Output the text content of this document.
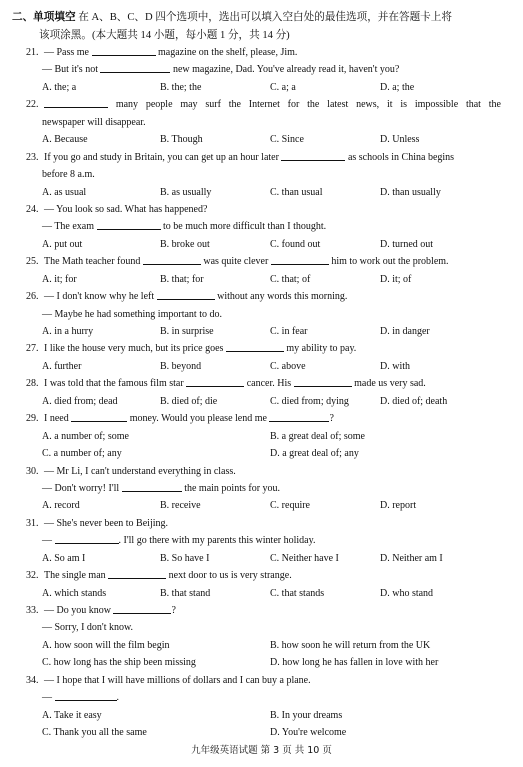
二、单项填空 在 A、B、C、D 四个选项中，选出可以填入空白处的最佳选项，并在答题卡上将
该项涂黑。(本大题共 14 小题，每小题 1 分，共 14 分)
21. — Pass me	magazine on the shelf, please, Jim.
— But it's not	new magazine, Dad. You've already read it, haven't you?
A. the; a	B. the; the	C. a; a	D. a; the
22.	many people may surf the Internet for the latest news, it is impossible that the
newspaper will disappear.
A. Because	B. Though	C. Since	D. Unless
23. If you go and study in Britain, you can get up an hour later	as schools in China begins
before 8 a.m.
A. as usual	B. as usually	C. than usual	D. than usually
24. — You look so sad. What has happened?
— The exam	to be much more difficult than I thought.
A. put out	B. broke out	C. found out	D. turned out
25. The Math teacher found	was quite clever	him to work out the problem.
A. it; for	B. that; for	C. that; of	D. it; of
26. — I don't know why he left	without any words this morning.
— Maybe he had something important to do.
A. in a hurry	B. in surprise	C. in fear	D. in danger
27. I like the house very much, but its price goes	my ability to pay.
A. further	B. beyond	C. above	D. with
28. I was told that the famous film star	cancer. His	made us very sad.
A. died from; dead	B. died of; die	C. died from; dying	D. died of; death
29. I need	money. Would you please lend me	?
A. a number of; some	B. a great deal of; some
C. a number of; any	D. a great deal of; any
30. — Mr Li, I can't understand everything in class.
— Don't worry! I'll	the main points for you.
A. record	B. receive	C. require	D. report
31. — She's never been to Beijing.
—	. I'll go there with my parents this winter holiday.
A. So am I	B. So have I	C. Neither have I	D. Neither am I
32. The single man	next door to us is very strange.
A. which stands	B. that stand	C. that stands	D. who stand
33. — Do you know	?
— Sorry, I don't know.
A. how soon will the film begin	B. how soon he will return from the UK
C. how long has the ship been missing	D. how long he has fallen in love with her
34. — I hope that I will have millions of dollars and I can buy a plane.
—	.
A. Take it easy	B. In your dreams
C. Thank you all the same	D. You're welcome
九年级英语试题 第 3 页 共 10 页
